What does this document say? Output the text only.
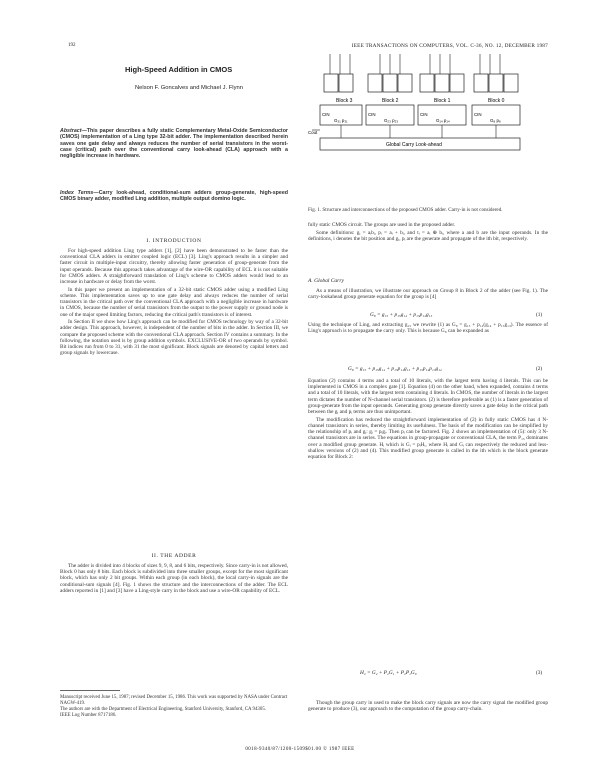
192	IEEE TRANSACTIONS ON COMPUTERS, VOL. C-36, NO. 12, DECEMBER 1987
High-Speed Addition in CMOS
Nelson F. Goncalves and Michael J. Flynn
Abstract—This paper describes a fully static Complementary Metal-Oxide Semiconductor (CMOS) implementation of a Ling type 32-bit adder. The implementation described herein saves one gate delay and always reduces the number of serial transistors in the worst-case (critical) path over the conventional carry look-ahead (CLA) approach with a negligible increase in hardware.
Index Terms—Carry look-ahead, conditional-sum adders group-generate, high-speed CMOS binary adder, modified Ling addition, multiple output domino logic.
I. INTRODUCTION

For high-speed addition Ling type adders [1], [2] have been demonstrated to be faster than the conventional CLA adders in emitter coupled logic (ECL) [3]. Ling's approach results in a simpler and faster circuit in multiple-input circuitry, thereby allowing faster generation of group-generate from the input operands. Because this approach takes advantage of the wire-OR capability of ECL it is not suitable for CMOS adders. A straightforward translation of Ling's scheme to CMOS adders would lead to an increase in hardware or delay from the worst.

In this paper we present an implementation of a 32-bit static CMOS adder using a modified Ling scheme. This implementation saves up to one gate delay and always reduces the number of serial transistors in the critical path over the conventional CLA approach with a negligible increase in hardware in CMOS, because the number of serial transistors from the output to the power supply or ground node is one of the major speed limiting factors, reducing the critical path's transistors is of interest.

In Section II we show how Ling's approach can be modified for CMOS technology by way of a 32-bit adder design. This approach, however, is independent of the number of bits in the adder. In Section III, we compare the proposed scheme with the conventional CLA approach. Section IV contains a summary. In the following, the notation used is by group addition symbols. EXCLUSIVE-OR of two operands by symbol. Bit indices run from 0 to 31, with 31 the most significant. Block signals are denoted by capital letters and group signals by lowercase.

II. THE ADDER

The adder is divided into 4 blocks of sizes 9, 9, 8, and 6 bits, respectively. Since carry-in is not allowed, Block 0 has only 8 bits. Each block is subdivided into three smaller groups, except for the most significant block, which has only 2 bit groups. Within each group (in each block), the local carry-in signals are the conditional-sum signals [4]. Fig. 1 shows the structure and the interconnections of the adder. The ECL adders reported in [1] and [3] have a Ling-style carry in the block and use a wire-OR capability of ECL.

Manuscript received June 15, 1987; revised December 15, 1986. This work was supported by NASA under Contract NAGW-419.
The authors are with the Department of Electrical Engineering, Stanford University, Stanford, CA 94305.
IEEE Log Number 8717186.
Block 3	Block 2	Block 1	Block 0
CIN	CIN	CIN	CIN
G₃₁ p₃₁	G₂₃ p₂₃	G₁₄ p₁₄	G₈ p₈
Global Carry Look-ahead
Cout
Fig. 1. Structure and interconnections of the proposed CMOS adder. Carry-in is not considered.

fully static CMOS circuit. The groups are used in the proposed adder.

Some definitions: gᵢ = aᵢbᵢ, pᵢ = aᵢ + bᵢ, and tᵢ = aᵢ ⊕ bᵢ, where a and b are the input operands. In the definitions, i denotes the bit position and gᵢ, pᵢ are the generate and propagate of the ith bit, respectively.

A. Global Carry

As a means of illustration, we illustrate our approach on Group 8 in Block 2 of the adder (see Fig. 1). The carry-lookahead group generate equation for the group is [4]

G₈ = g₁₅ + p₁₅g₁₄ + p₁₅p₁₄g₁₃	(1)

Using the technique of Ling, and extracting g₁₅ we rewrite (1) as G₈ = g₁₅ + p₁₄(g₁₄ + p₁₃g₁₃). The essence of Ling's approach is to propagate the carry only. This is because G₈ can be expanded as

G₈ = g₁₅ + p₁₅g₁₄ + p₁₅p₁₄g₁₃ + p₁₅p₁₄p₁₃g₁₂	(2)

Equation (2) contains 4 terms and a total of 10 literals, with the largest term having 4 literals. This can be implemented in CMOS in a complex gate [1]. Equation (4) on the other hand, when expanded, contains 4 terms and a total of 10 literals, with the largest term containing 4 literals. In CMOS, the number of literals in the largest term dictates the number of N-channel serial transistors. (2) is therefore preferable as (1) is a faster generation of group-generate from the input operands. Generating group generate directly saves a gate delay in the critical path between the gᵢ and pᵢ terms are thus unimportant.

The modification has reduced the straightforward implementation of (2) in fully static CMOS has 4 N-channel transistors in series, thereby limiting its usefulness. The basis of the modification can be simplified by the relationship of pᵢ and gᵢ: gᵢ = pᵢgᵢ. Then pᵢ can be factored. Fig. 2 shows an implementation of (5): only 3 N-channel transistors are in series. The equations in group-propagate or conventional CLA, the term P₁₅ dominates over a modified group generate. Hᵢ which is Gᵢ = pᵢHᵢ, where Hᵢ and Gᵢ can respectively the reduced and less-shallow versions of (2) and (4). This modified group generate is called in the ith which is the block generate equation for Block 2:

H₂ = G₂ + P₂G₁ + P₂P₁G₀	(3)

Though the group carry in used to make the block carry signals are now the carry signal the modified group generate to produce (3), our approach to the computation of the group carry-chain.

0018-9340/87/1200-1509$01.00 © 1987 IEEE
